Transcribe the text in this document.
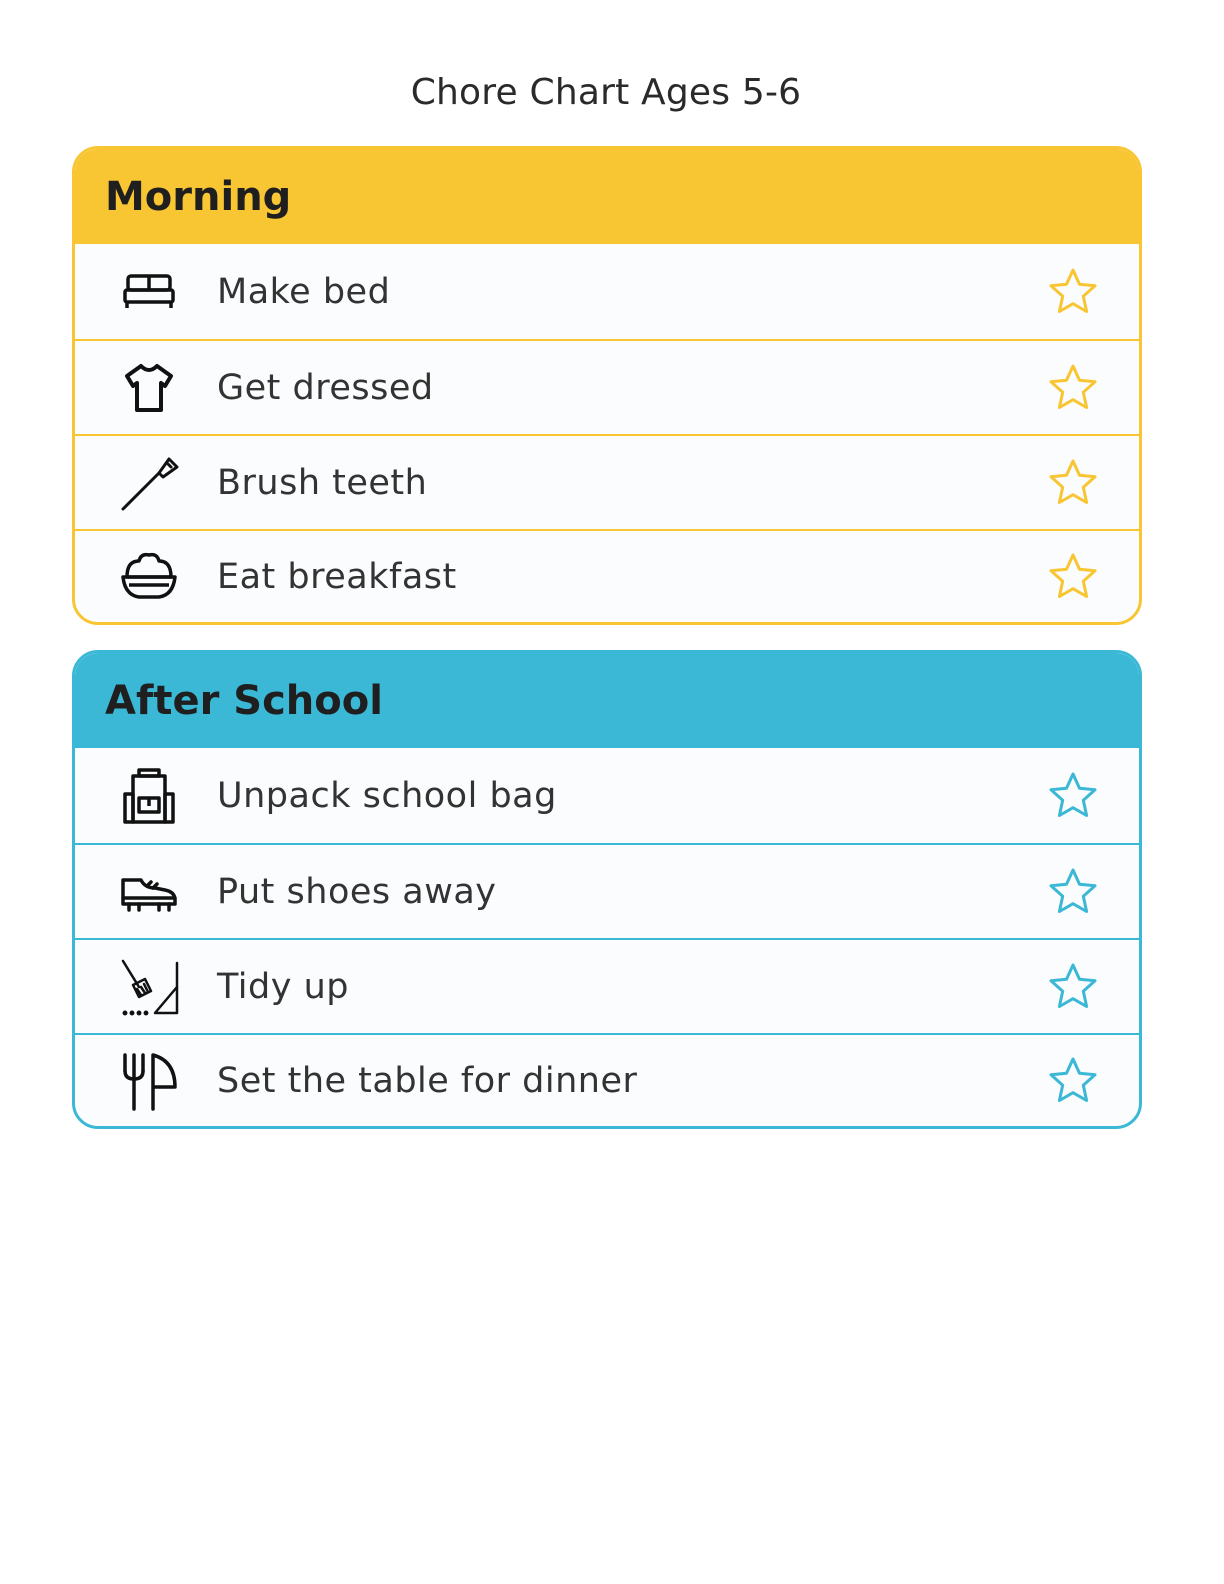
Chore Chart Ages 5-6
Morning
Make bed
Get dressed
Brush teeth
Eat breakfast
After School
Unpack school bag
Put shoes away
Tidy up
Set the table for dinner
